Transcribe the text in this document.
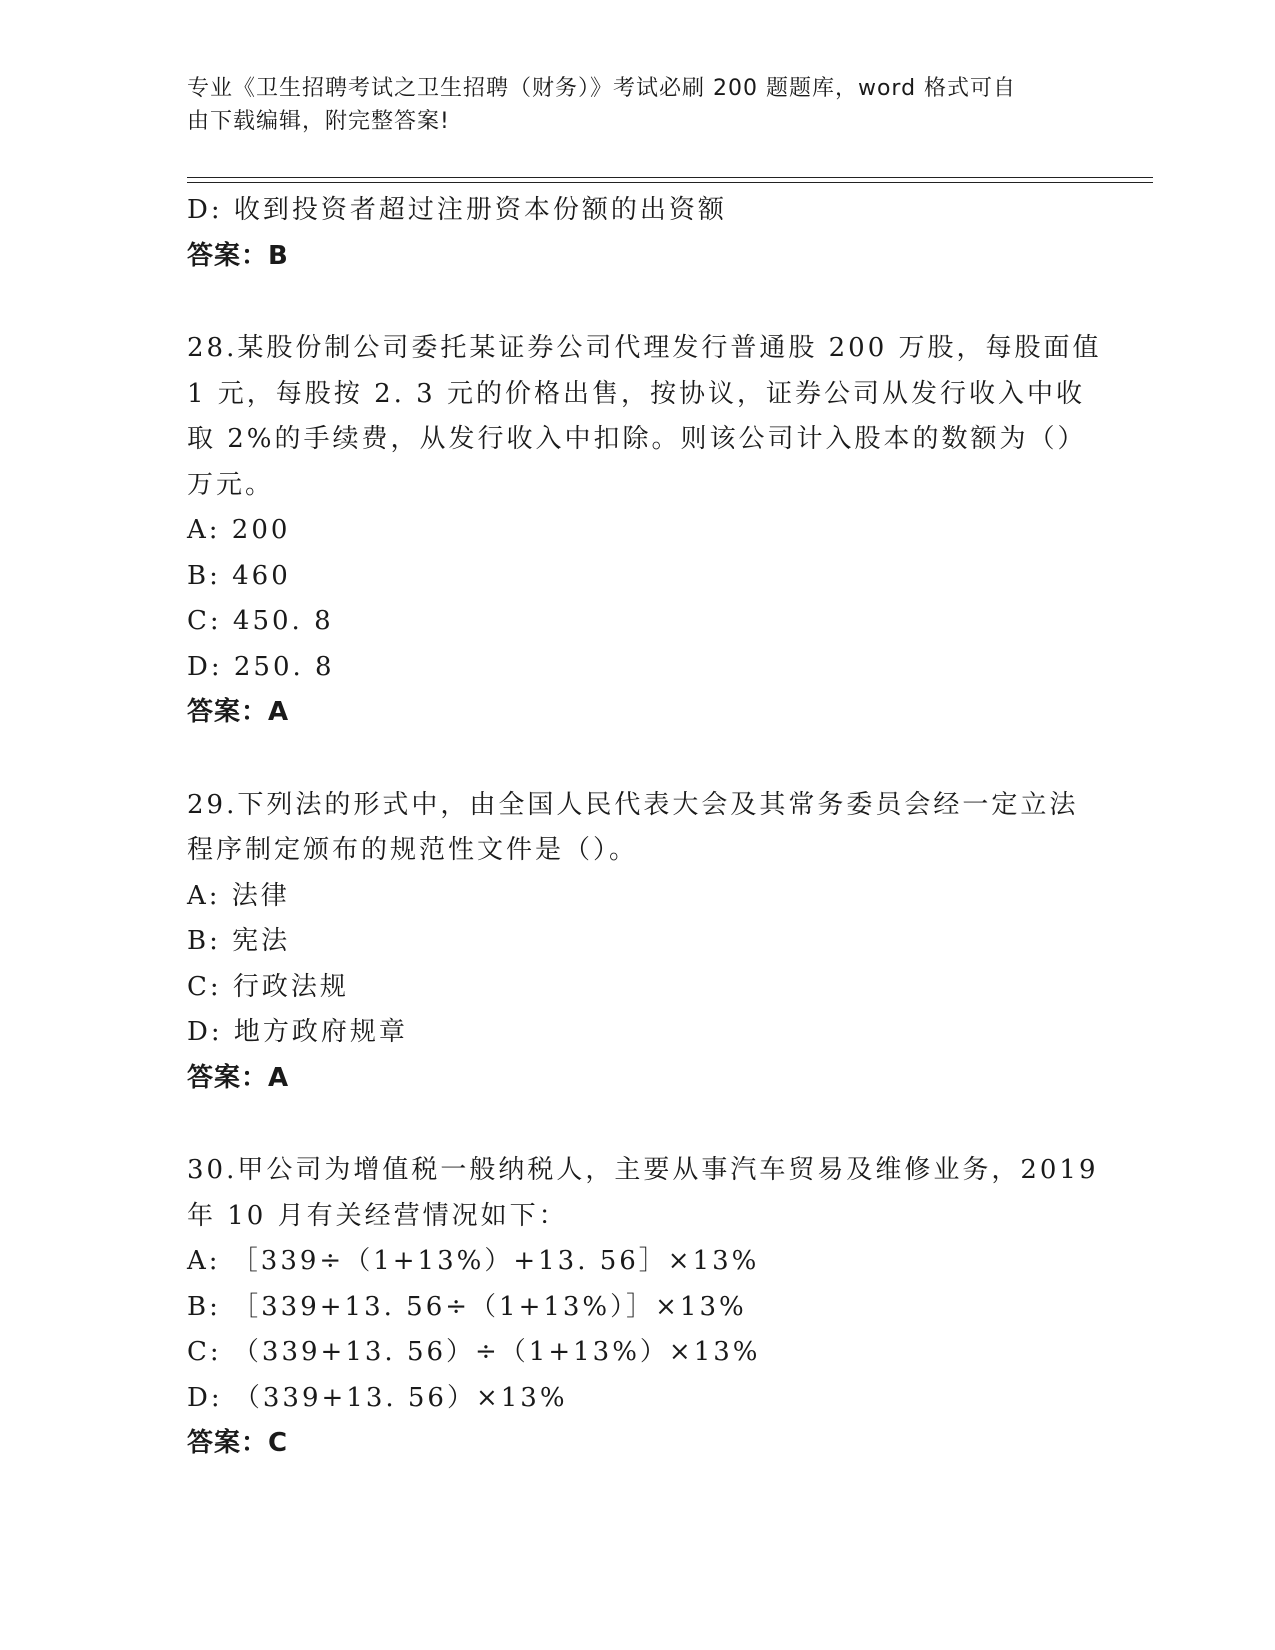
专业《卫生招聘考试之卫生招聘（财务）》考试必刷 200 题题库，word 格式可自
由下载编辑，附完整答案!
D: 收到投资者超过注册资本份额的出资额
答案：B
28.某股份制公司委托某证券公司代理发行普通股 200 万股，每股面值
1 元，每股按 2. 3 元的价格出售，按协议，证券公司从发行收入中收
取 2%的手续费，从发行收入中扣除。则该公司计入股本的数额为（）
万元。
A: 200
B: 460
C: 450. 8
D: 250. 8
答案：A
29.下列法的形式中，由全国人民代表大会及其常务委员会经一定立法
程序制定颁布的规范性文件是（）。
A: 法律
B: 宪法
C: 行政法规
D: 地方政府规章
答案：A
30.甲公司为增值税一般纳税人，主要从事汽车贸易及维修业务，2019
年 10 月有关经营情况如下：
A: ［339÷（1+13%）+13. 56］×13%
B: ［339+13. 56÷（1+13%）］×13%
C: （339+13. 56）÷（1+13%）×13%
D: （339+13. 56）×13%
答案：C
